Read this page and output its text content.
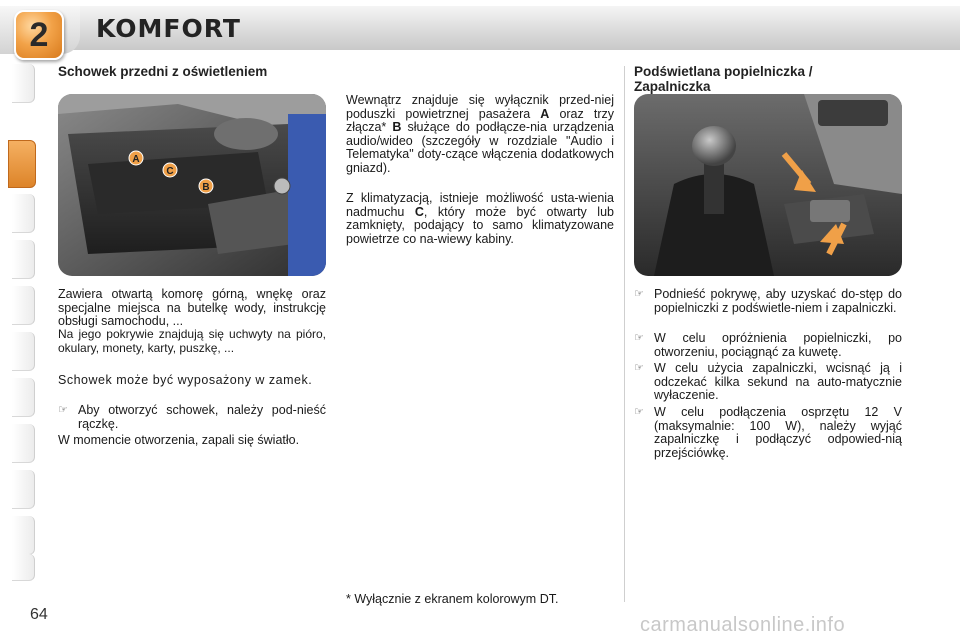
2	KOMFORT
Schowek przedni z oświetleniem
A
C
B

Zawiera otwartą komorę górną, wnękę oraz specjalne miejsca na butelkę wody, instrukcję obsługi samochodu, ...

Na jego pokrywie znajdują się uchwyty na pióro, okulary, monety, karty, puszkę, ...

Schowek może być wyposażony w zamek.

☞ Aby otworzyć schowek, należy pod-nieść rączkę.

W momencie otworzenia, zapali się światło.

Wewnątrz znajduje się wyłącznik przed-niej poduszki powietrznej pasażera A oraz trzy złącza* B służące do podłącze-nia urządzenia audio/wideo (szczegóły w rozdziale "Audio i Telematyka" doty-czące włączenia dodatkowych gniazd).

Z klimatyzacją, istnieje możliwość usta-wienia nadmuchu C, który może być otwarty lub zamknięty, podający to samo klimatyzowane powietrze co na-wiewy kabiny.

* Wyłącznie z ekranem kolorowym DT.
Podświetlana popielniczka /
Zapalniczka
☞ Podnieść pokrywę, aby uzyskać do-stęp do popielniczki z podświetle-niem i zapalniczki.
☞ W celu opróżnienia popielniczki, po otworzeniu, pociągnąć za kuwetę.
☞ W celu użycia zapalniczki, wcisnąć ją i odczekać kilka sekund na auto-matycznie wyłaczenie.
☞ W celu podłączenia osprzętu 12 V (maksymalnie: 100 W), należy wyjąć zapalniczkę i podłączyć odpowied-nią przejściówkę.
64	carmanualsonline.info
